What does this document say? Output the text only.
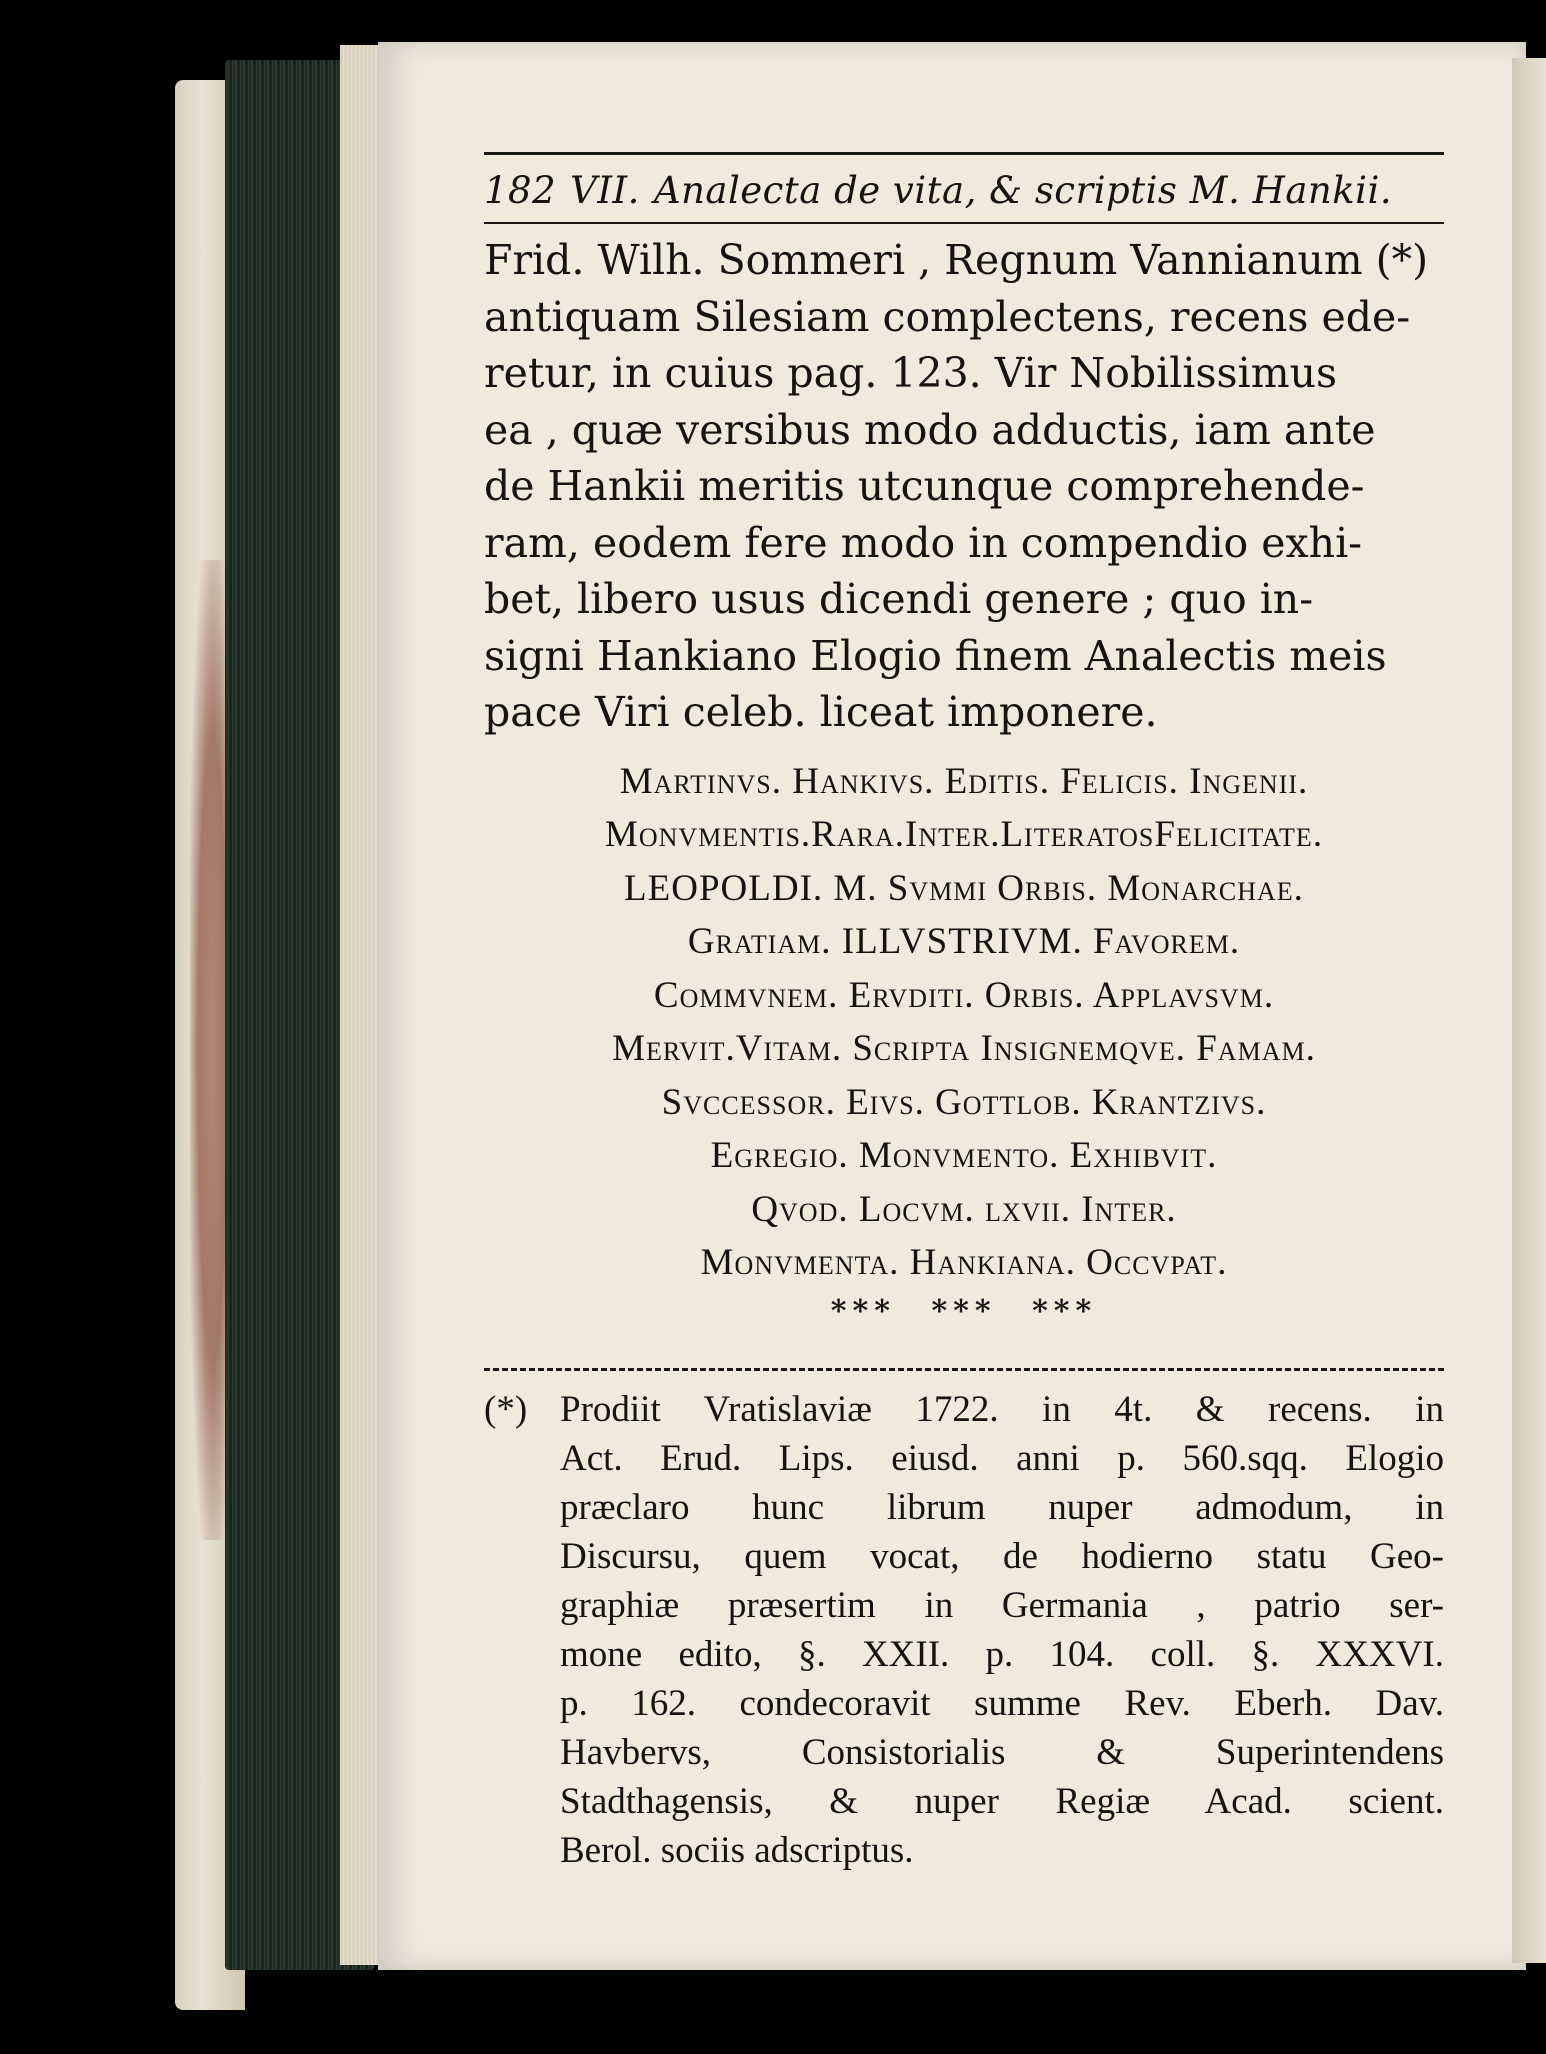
182 VII. Analecta de vita, & scriptis M. Hankii.

Frid. Wilh. Sommeri , Regnum Vannianum (*)

antiquam Silesiam complectens, recens ede-

retur, in cuius pag. 123. Vir Nobilissimus

ea , quæ versibus modo adductis, iam ante

de Hankii meritis utcunque comprehende-

ram, eodem fere modo in compendio exhi-

bet, libero usus dicendi genere ; quo in-

signi Hankiano Elogio finem Analectis meis

pace Viri celeb. liceat imponere.

Martinvs. Hankivs. Editis. Felicis. Ingenii.
Monvmentis.Rara.Inter.LiteratosFelicitate.
LEOPOLDI. M. Svmmi Orbis. Monarchae.
Gratiam. ILLVSTRIVM. Favorem.
Commvnem. Ervditi. Orbis. Applavsvm.
Mervit.Vitam. Scripta Insignemqve. Famam.
Svccessor. Eivs. Gottlob. Krantzivs.
Egregio. Monvmento. Exhibvit.
Qvod. Locvm. lxvii. Inter.
Monvmenta. Hankiana. Occvpat.
*** *** ***
(*) Prodiit Vratislaviæ 1722. in 4t. & recens. in
Act. Erud. Lips. eiusd. anni p. 560.sqq. Elogio
præclaro hunc librum nuper admodum, in
Discursu, quem vocat, de hodierno statu Geo-
graphiæ præsertim in Germania , patrio ser-
mone edito, §. XXII. p. 104. coll. §. XXXVI.
p. 162. condecoravit summe Rev. Eberh. Dav.
Havbervs, Consistorialis & Superintendens
Stadthagensis, & nuper Regiæ Acad. scient.
Berol. sociis adscriptus.
